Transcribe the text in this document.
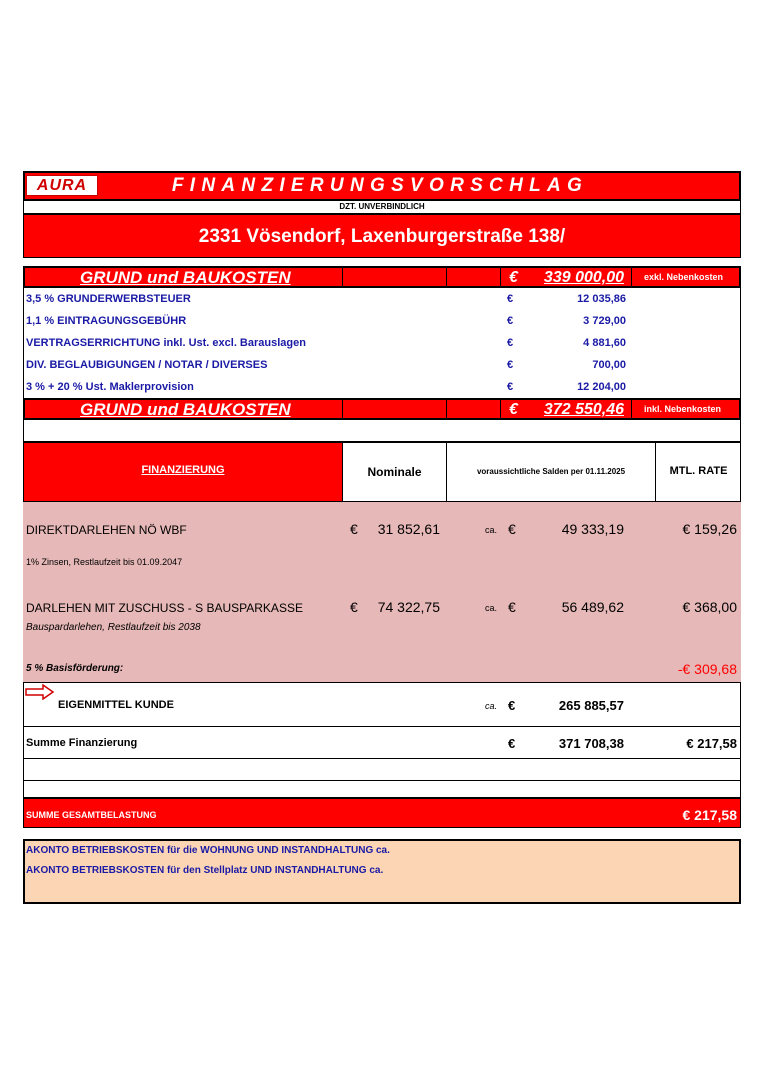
AURA	FINANZIERUNGSVORSCHLAG
DZT. UNVERBINDLICH
2331 Vösendorf, Laxenburgerstraße 138/
GRUND und BAUKOSTEN	€	339 000,00 exkl. Nebenkosten
3,5 % GRUNDERWERBSTEUER	€	12 035,86
1,1 % EINTRAGUNGSGEBÜHR	€	3 729,00
VERTRAGSERRICHTUNG inkl. Ust. excl. Barauslagen	€	4 881,60
DIV. BEGLAUBIGUNGEN / NOTAR / DIVERSES	€	700,00
3 % + 20 % Ust. Maklerprovision	€	12 204,00
GRUND und BAUKOSTEN	€	372 550,46 inkl. Nebenkosten
FINANZIERUNG	Nominale	voraussichtliche Salden per 01.11.2025	MTL. RATE
DIREKTDARLEHEN NÖ WBF	€	31 852,61	ca. €	49 333,19	€ 159,26
1% Zinsen, Restlaufzeit bis 01.09.2047
DARLEHEN MIT ZUSCHUSS - S BAUSPARKASSE	€	74 322,75	ca. €	56 489,62	€ 368,00
Bauspardarlehen, Restlaufzeit bis 2038
5 % Basisförderung:	-€ 309,68
EIGENMITTEL KUNDE	ca. €	265 885,57
Summe Finanzierung	€	371 708,38	€ 217,58
SUMME GESAMTBELASTUNG	€ 217,58
AKONTO BETRIEBSKOSTEN für die WOHNUNG UND INSTANDHALTUNG ca.
AKONTO BETRIEBSKOSTEN für den Stellplatz UND INSTANDHALTUNG ca.
